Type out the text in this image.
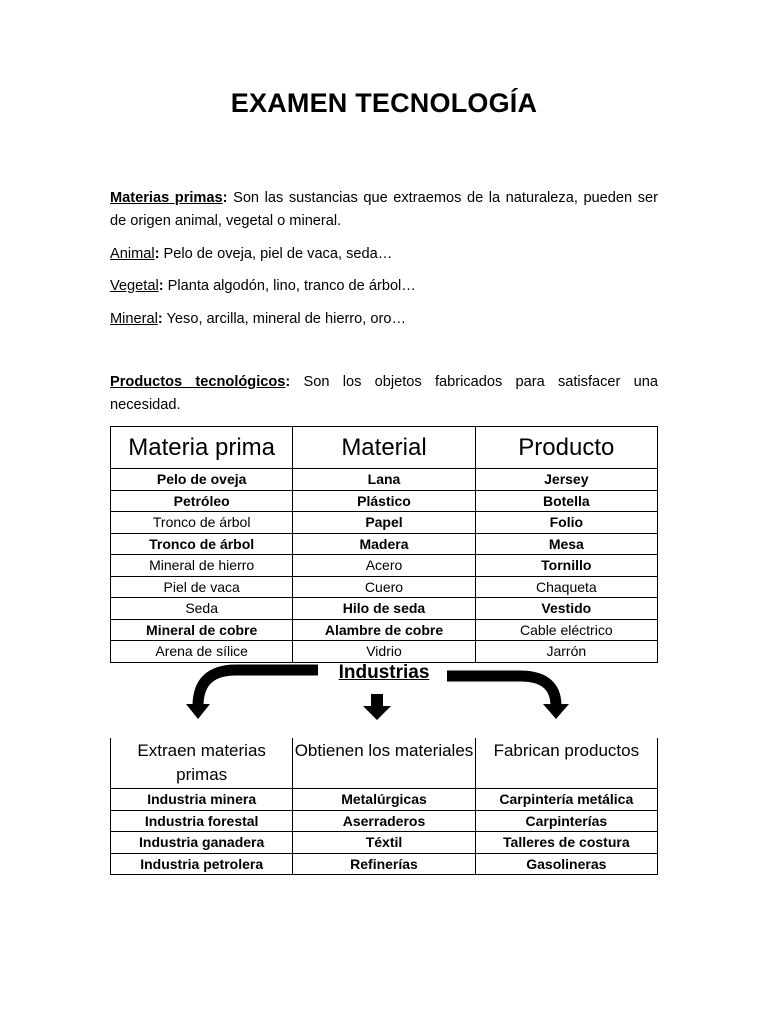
EXAMEN TECNOLOGÍA
Materias primas: Son las sustancias que extraemos de la naturaleza, pueden ser de origen animal, vegetal o mineral.
Animal: Pelo de oveja, piel de vaca, seda…
Vegetal: Planta algodón, lino, tranco de árbol…
Mineral: Yeso, arcilla, mineral de hierro, oro…
Productos tecnológicos: Son los objetos fabricados para satisfacer una necesidad.
Materia prima	Material	Producto
Pelo de oveja	Lana	Jersey
Petróleo	Plástico	Botella
Tronco de árbol	Papel	Folio
Tronco de árbol	Madera	Mesa
Mineral de hierro	Acero	Tornillo
Piel de vaca	Cuero	Chaqueta
Seda	Hilo de seda	Vestido
Mineral de cobre	Alambre de cobre	Cable eléctrico
Arena de sílice	Vidrio	Jarrón
Industrias
Extraen materias primas	Obtienen los materiales	Fabrican productos
Industria minera	Metalúrgicas	Carpintería metálica
Industria forestal	Aserraderos	Carpinterías
Industria ganadera	Téxtil	Talleres de costura
Industria petrolera	Refinerías	Gasolineras
